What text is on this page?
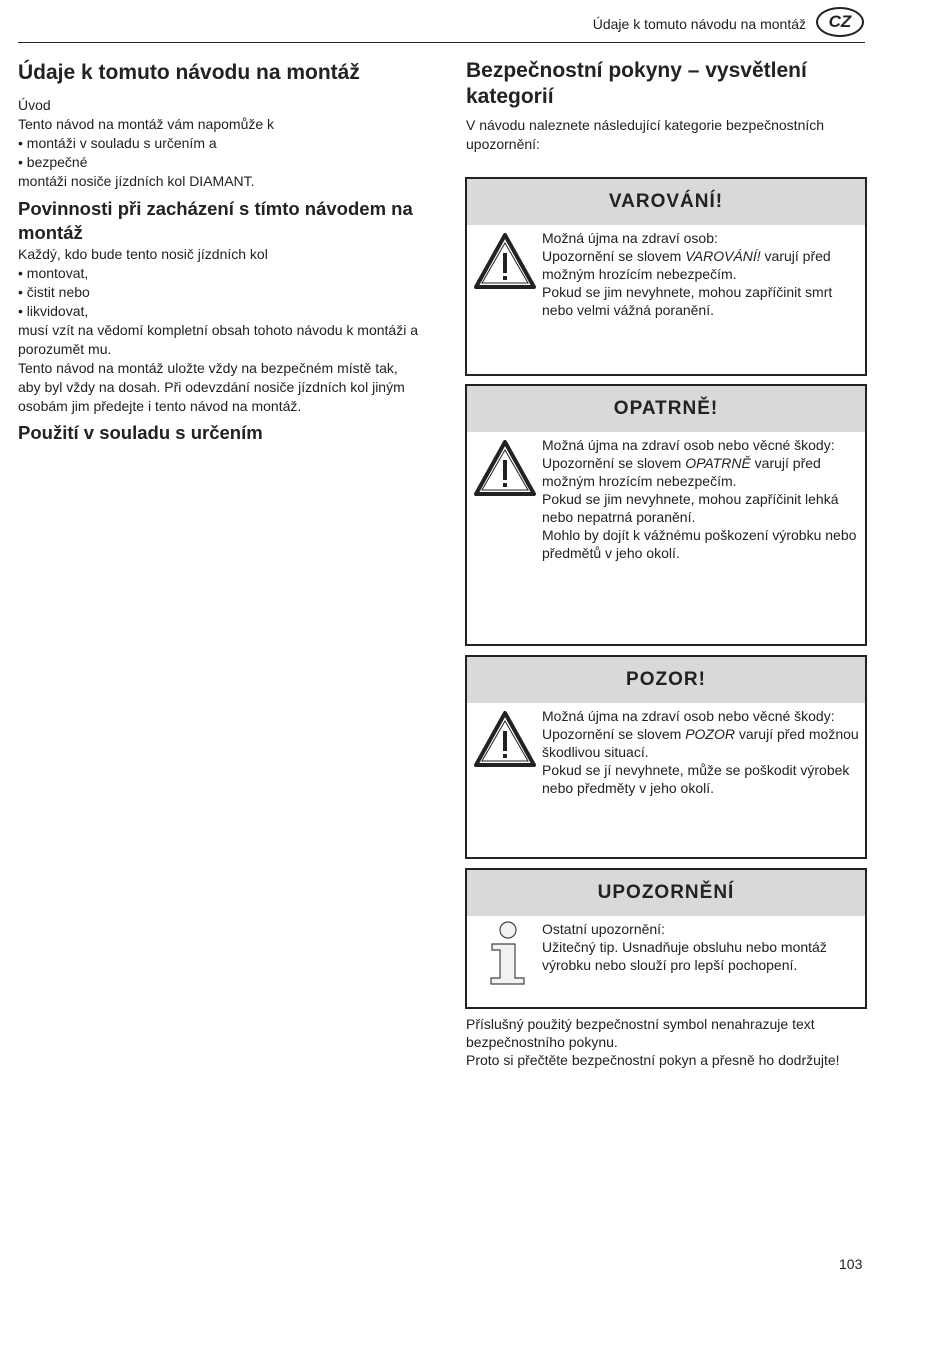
Údaje k tomuto návodu na montáž	CZ
Údaje k tomuto návodu na montáž

Úvod

Tento návod na montáž vám napomůže k

• montáži v souladu s určením a

• bezpečné

montáži nosiče jízdních kol DIAMANT.

Povinnosti při zacházení s tímto návodem na montáž

Každý, kdo bude tento nosič jízdních kol

• montovat,

• čistit nebo

• likvidovat,

musí vzít na vědomí kompletní obsah tohoto návodu k montáži a porozumět mu.

Tento návod na montáž uložte vždy na bezpečném místě tak, aby byl vždy na dosah. Při odevzdání nosiče jízdních kol jiným osobám jim předejte i tento návod na montáž.

Použití v souladu s určením
Bezpečnostní pokyny – vysvětlení kategorií

V návodu naleznete následující kategorie bezpečnostních upozornění:

VAROVÁNÍ!

Možná újma na zdraví osob:

Upozornění se slovem VAROVÁNÍ! varují před možným hrozícím nebezpečím.

Pokud se jim nevyhnete, mohou zapříčinit smrt nebo velmi vážná poranění.

OPATRNĚ!

Možná újma na zdraví osob nebo věcné škody:

Upozornění se slovem OPATRNĚ varují před možným hrozícím nebezpečím.

Pokud se jim nevyhnete, mohou zapříčinit lehká nebo nepatrná poranění.

Mohlo by dojít k vážnému poškození výrobku nebo předmětů v jeho okolí.

POZOR!

Možná újma na zdraví osob nebo věcné škody:

Upozornění se slovem POZOR varují před možnou škodlivou situací.

Pokud se jí nevyhnete, může se poškodit výrobek nebo předměty v jeho okolí.

UPOZORNĚNÍ

Ostatní upozornění:

Užitečný tip. Usnadňuje obsluhu nebo montáž výrobku nebo slouží pro lepší pochopení.

Příslušný použitý bezpečnostní symbol nenahrazuje text bezpečnostního pokynu.

Proto si přečtěte bezpečnostní pokyn a přesně ho dodržujte!

103
